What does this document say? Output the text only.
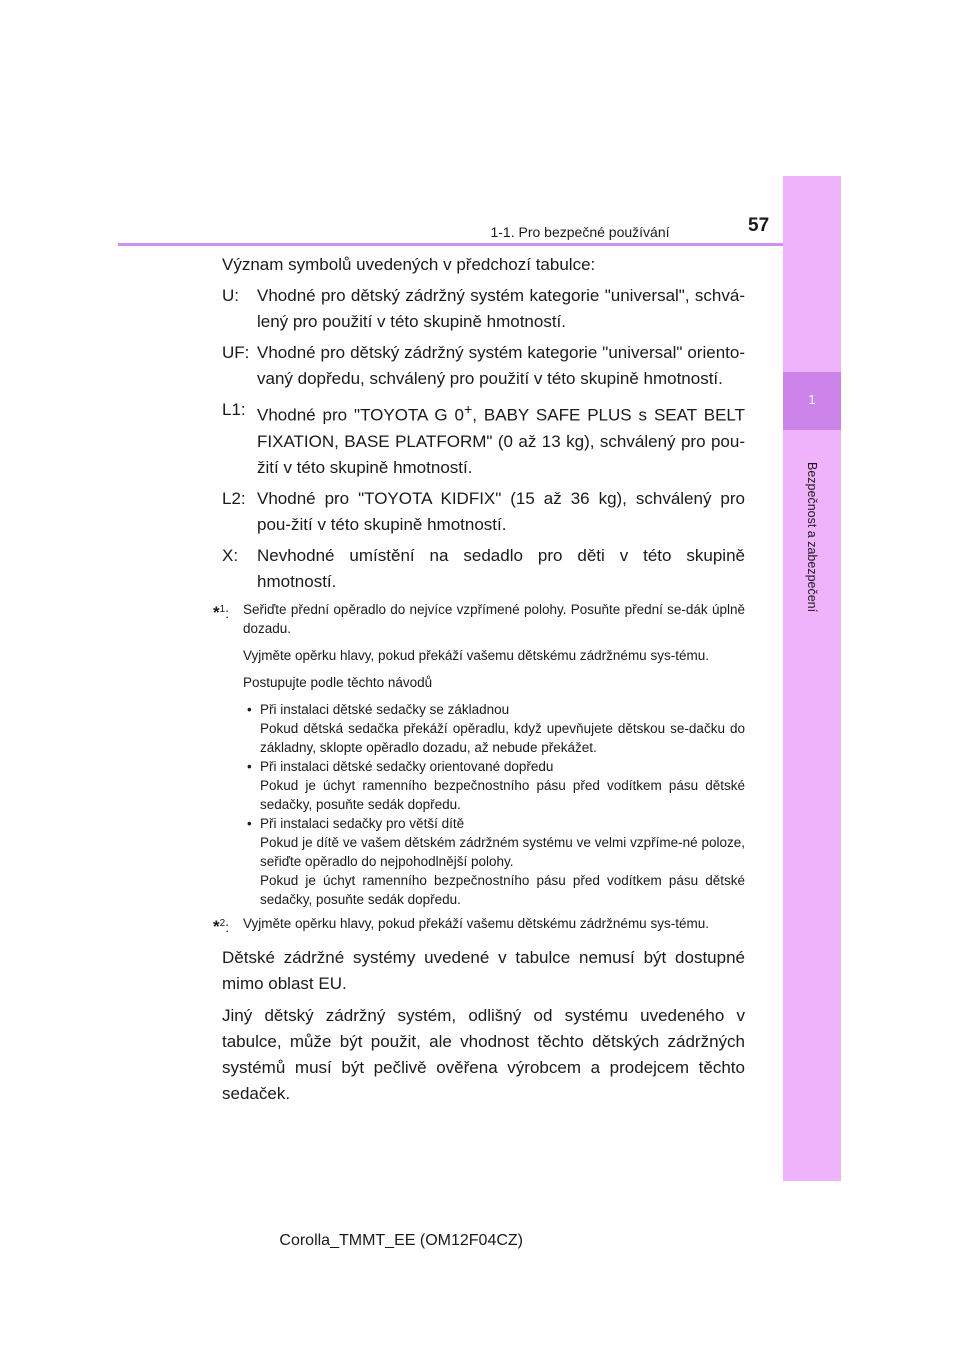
1-1. Pro bezpečné používání	57
1
Bezpečnost a zabezpečení

Význam symbolů uvedených v předchozí tabulce:

U:	Vhodné pro dětský zádržný systém kategorie "universal", schvá-lený pro použití v této skupině hmotností.
UF: Vhodné pro dětský zádržný systém kategorie "universal" oriento-vaný dopředu, schválený pro použití v této skupině hmotností.
L1: Vhodné pro "TOYOTA G 0+, BABY SAFE PLUS s SEAT BELT FIXATION, BASE PLATFORM" (0 až 13 kg), schválený pro pou-žití v této skupině hmotností.
L2: Vhodné pro "TOYOTA KIDFIX" (15 až 36 kg), schválený pro pou-žití v této skupině hmotností.
X:	Nevhodné umístění na sedadlo pro děti v této skupině hmotností.
*$^1$: Seřiďte přední opěradlo do nejvíce vzpřímené polohy. Posuňte přední se-dák úplně dozadu.
Vyjměte opěrku hlavy, pokud překáží vašemu dětskému zádržnému sys-tému.
Postupujte podle těchto návodů
• Při instalaci dětské sedačky se základnou
Pokud dětská sedačka překáží opěradlu, když upevňujete dětskou se-dačku do základny, sklopte opěradlo dozadu, až nebude překážet.
• Při instalaci dětské sedačky orientované dopředu
Pokud je úchyt ramenního bezpečnostního pásu před vodítkem pásu dětské sedačky, posuňte sedák dopředu.
• Při instalaci sedačky pro větší dítě
Pokud je dítě ve vašem dětském zádržném systému ve velmi vzpříme-né poloze, seřiďte opěradlo do nejpohodlnější polohy.
Pokud je úchyt ramenního bezpečnostního pásu před vodítkem pásu dětské sedačky, posuňte sedák dopředu.
*$^2$: Vyjměte opěrku hlavy, pokud překáží vašemu dětskému zádržnému sys-tému.

Dětské zádržné systémy uvedené v tabulce nemusí být dostupné mimo oblast EU.

Jiný dětský zádržný systém, odlišný od systému uvedeného v tabulce, může být použit, ale vhodnost těchto dětských zádržných systémů musí být pečlivě ověřena výrobcem a prodejcem těchto sedaček.

Corolla_TMMT_EE (OM12F04CZ)
